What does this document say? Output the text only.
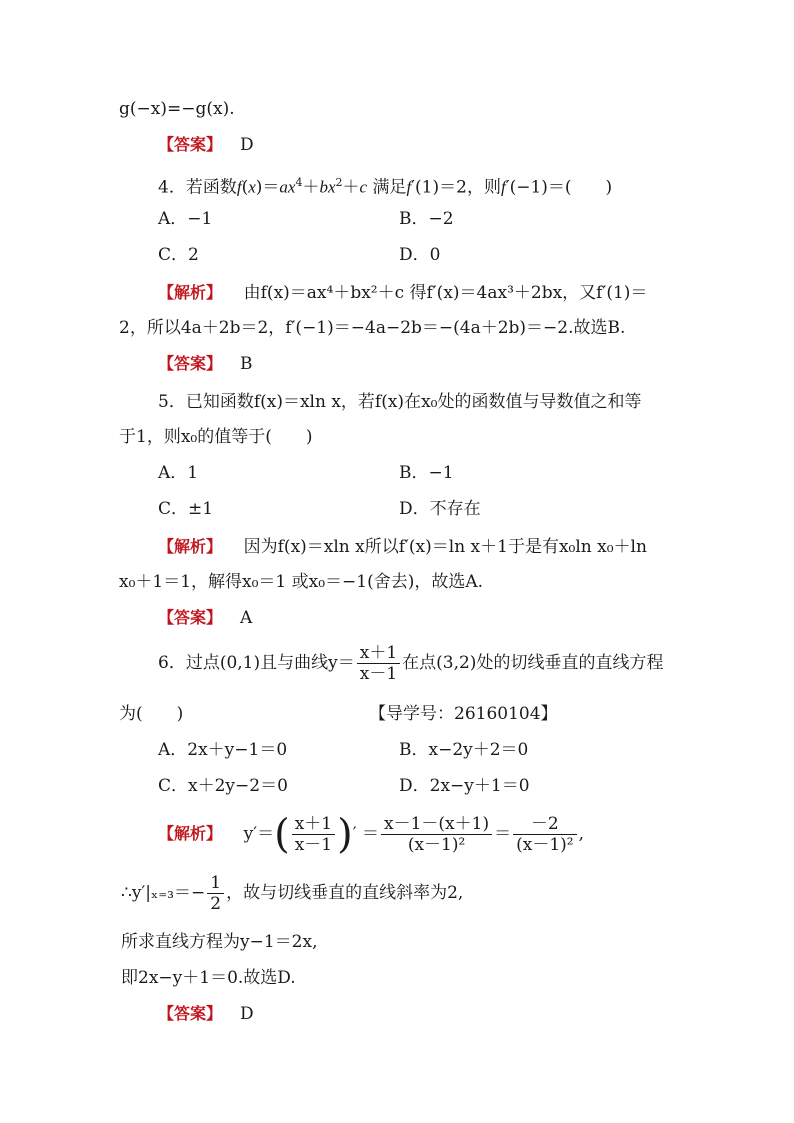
g(−x)=−g(x).
【答案】 D
4．若函数$f(x)=ax^4+bx^2+c$ 满足f′(1)＝2，则f′(−1)＝(　　)
A．−1	B．−2
C．2	D．0
【解析】 由f(x)＝ax⁴＋bx²＋c 得f′(x)＝4ax³＋2bx，又f′(1)＝
2，所以4a＋2b＝2，f′(−1)＝−4a−2b＝−(4a＋2b)＝−2.故选B.
【答案】 B
5．已知函数f(x)＝xln x，若f(x)在x₀处的函数值与导数值之和等
于1，则x₀的值等于(　　)
A．1	B．−1
C．±1	D．不存在
【解析】 因为f(x)＝xln x所以f′(x)＝ln x＋1于是有x₀ln x₀＋ln
x₀＋1＝1，解得x₀＝1 或x₀＝−1(舍去)，故选A.
【答案】 A
6．过点(0,1)且与曲线$y= \frac{x+1}{x-1}$ 在点(3,2)处的切线垂直的直线方程
为(　　)	【导学号：26160104】
A．2x＋y−1＝0	B．x−2y＋2＝0
C．x＋2y−2＝0	D．2x−y＋1＝0
【解析】 $y'=( \frac{x+1}{x-1}$ )′ ＝ $\frac{x-1-(x+1)}{\text{(x－1)²}} = \frac{-2}{\text{(x－1)²}}$ ,
∴y′|ₓ₌₃＝− $\frac{1}{2}$ ，故与切线垂直的直线斜率为2,
所求直线方程为y−1＝2x,
即2x−y＋1＝0.故选D.
【答案】 D
